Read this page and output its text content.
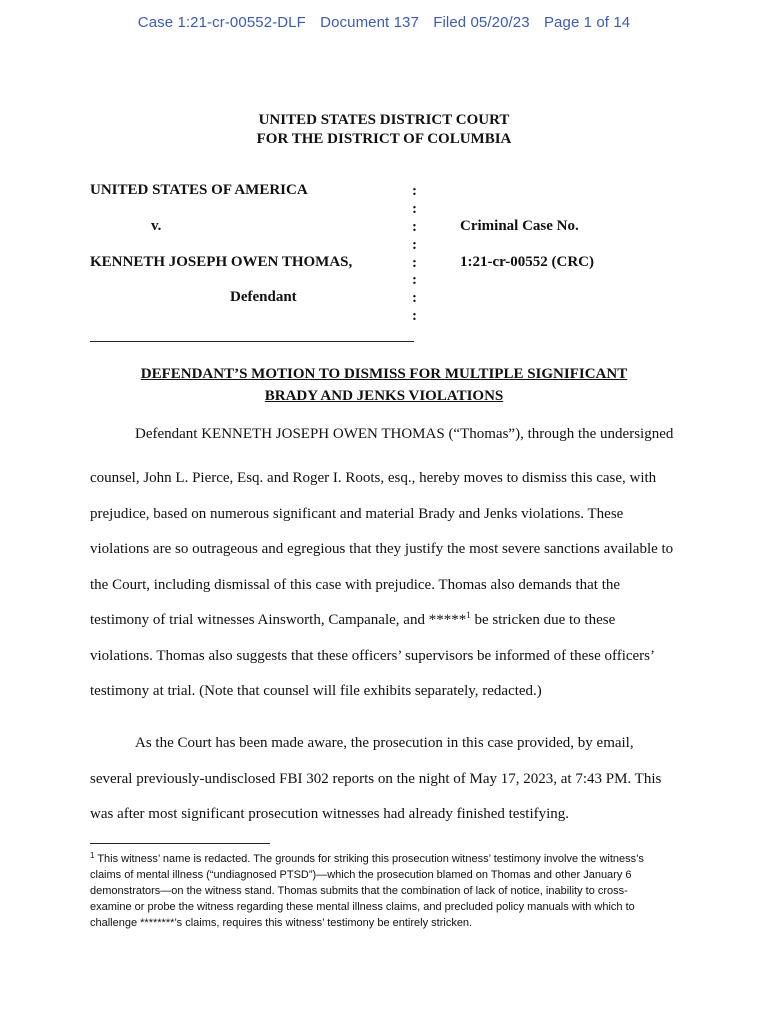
Case 1:21-cr-00552-DLF Document 137 Filed 05/20/23 Page 1 of 14
UNITED STATES DISTRICT COURT
FOR THE DISTRICT OF COLUMBIA
UNITED STATES OF AMERICA
v.
KENNETH JOSEPH OWEN THOMAS,
Defendant
:
:
:
:
:
:
:
:
Criminal Case No.
1:21-cr-00552 (CRC)
DEFENDANT’S MOTION TO DISMISS FOR MULTIPLE SIGNIFICANT
BRADY AND JENKS VIOLATIONS
Defendant KENNETH JOSEPH OWEN THOMAS (“Thomas”), through the undersigned
counsel, John L. Pierce, Esq. and Roger I. Roots, esq., hereby moves to dismiss this case, with
prejudice, based on numerous significant and material Brady and Jenks violations. These
violations are so outrageous and egregious that they justify the most severe sanctions available to
the Court, including dismissal of this case with prejudice. Thomas also demands that the
testimony of trial witnesses Ainsworth, Campanale, and *****$^1$ be stricken due to these
violations. Thomas also suggests that these officers’ supervisors be informed of these officers’
testimony at trial. (Note that counsel will file exhibits separately, redacted.)
As the Court has been made aware, the prosecution in this case provided, by email,
several previously-undisclosed FBI 302 reports on the night of May 17, 2023, at 7:43 PM. This
was after most significant prosecution witnesses had already finished testifying.
$^1$ This witness’ name is redacted. The grounds for striking this prosecution witness’ testimony involve the witness’s
claims of mental illness (“undiagnosed PTSD”)—which the prosecution blamed on Thomas and other January 6
demonstrators—on the witness stand. Thomas submits that the combination of lack of notice, inability to cross-
examine or probe the witness regarding these mental illness claims, and precluded policy manuals with which to
challenge ********’s claims, requires this witness’ testimony be entirely stricken.
